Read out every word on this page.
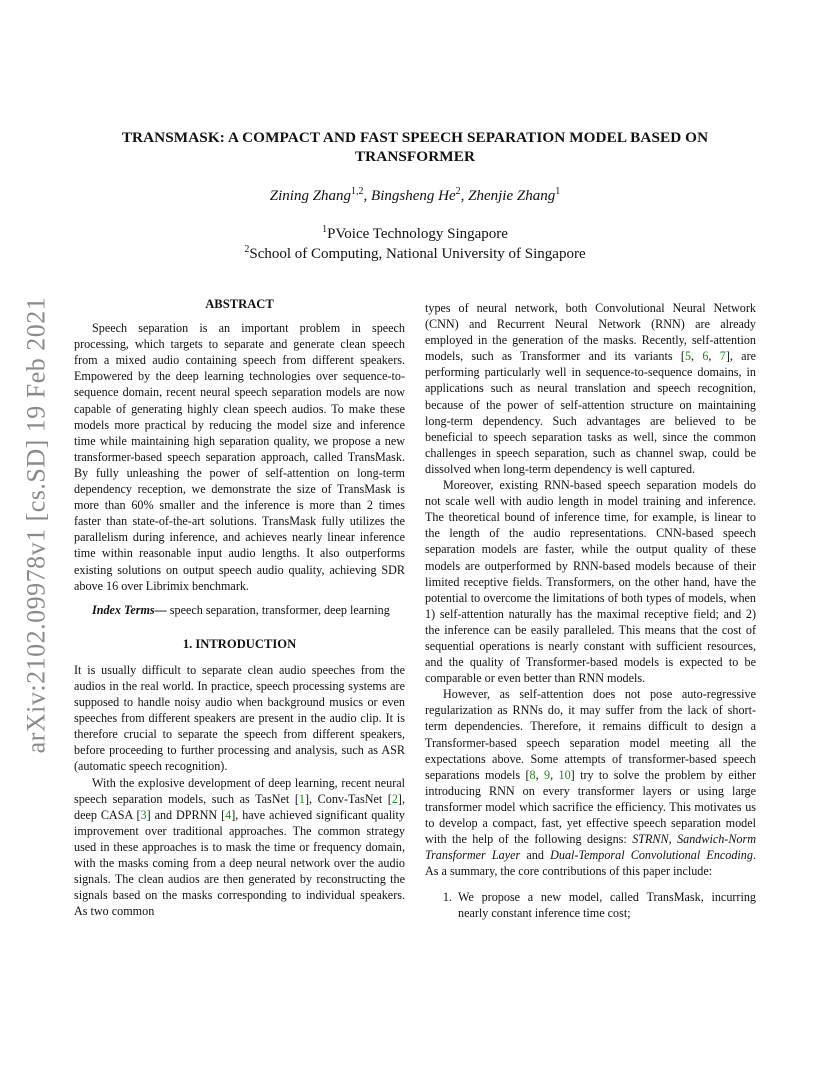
arXiv:2102.09978v1 [cs.SD] 19 Feb 2021
TRANSMASK: A COMPACT AND FAST SPEECH SEPARATION MODEL BASED ON
TRANSFORMER
Zining Zhang$^{1,2}$, Bingsheng He$^2$, Zhenjie Zhang$^1$
$^1$PVoice Technology Singapore
$^2$School of Computing, National University of Singapore
ABSTRACT

Speech separation is an important problem in speech processing, which targets to separate and generate clean speech from a mixed audio containing speech from different speakers. Empowered by the deep learning technologies over sequence-to-sequence domain, recent neural speech separation models are now capable of generating highly clean speech audios. To make these models more practical by reducing the model size and inference time while maintaining high separation quality, we propose a new transformer-based speech separation approach, called TransMask. By fully unleashing the power of self-attention on long-term dependency reception, we demonstrate the size of TransMask is more than 60% smaller and the inference is more than 2 times faster than state-of-the-art solutions. TransMask fully utilizes the parallelism during inference, and achieves nearly linear inference time within reasonable input audio lengths. It also outperforms existing solutions on output speech audio quality, achieving SDR above 16 over Librimix benchmark.

Index Terms— speech separation, transformer, deep learning

1. INTRODUCTION

It is usually difficult to separate clean audio speeches from the audios in the real world. In practice, speech processing systems are supposed to handle noisy audio when background musics or even speeches from different speakers are present in the audio clip. It is therefore crucial to separate the speech from different speakers, before proceeding to further processing and analysis, such as ASR (automatic speech recognition).

With the explosive development of deep learning, recent neural speech separation models, such as TasNet [1], Conv-TasNet [2], deep CASA [3] and DPRNN [4], have achieved significant quality improvement over traditional approaches. The common strategy used in these approaches is to mask the time or frequency domain, with the masks coming from a deep neural network over the audio signals. The clean audios are then generated by reconstructing the signals based on the masks corresponding to individual speakers. As two common

types of neural network, both Convolutional Neural Network (CNN) and Recurrent Neural Network (RNN) are already employed in the generation of the masks. Recently, self-attention models, such as Transformer and its variants [5, 6, 7], are performing particularly well in sequence-to-sequence domains, in applications such as neural translation and speech recognition, because of the power of self-attention structure on maintaining long-term dependency. Such advantages are believed to be beneficial to speech separation tasks as well, since the common challenges in speech separation, such as channel swap, could be dissolved when long-term dependency is well captured.

Moreover, existing RNN-based speech separation models do not scale well with audio length in model training and inference. The theoretical bound of inference time, for example, is linear to the length of the audio representations. CNN-based speech separation models are faster, while the output quality of these models are outperformed by RNN-based models because of their limited receptive fields. Transformers, on the other hand, have the potential to overcome the limitations of both types of models, when 1) self-attention naturally has the maximal receptive field; and 2) the inference can be easily paralleled. This means that the cost of sequential operations is nearly constant with sufficient resources, and the quality of Transformer-based models is expected to be comparable or even better than RNN models.

However, as self-attention does not pose auto-regressive regularization as RNNs do, it may suffer from the lack of short-term dependencies. Therefore, it remains difficult to design a Transformer-based speech separation model meeting all the expectations above. Some attempts of transformer-based speech separations models [8, 9, 10] try to solve the problem by either introducing RNN on every transformer layers or using large transformer model which sacrifice the efficiency. This motivates us to develop a compact, fast, yet effective speech separation model with the help of the following designs: STRNN, Sandwich-Norm Transformer Layer and Dual-Temporal Convolutional Encoding. As a summary, the core contributions of this paper include:

1. We propose a new model, called TransMask, incurring nearly constant inference time cost;
